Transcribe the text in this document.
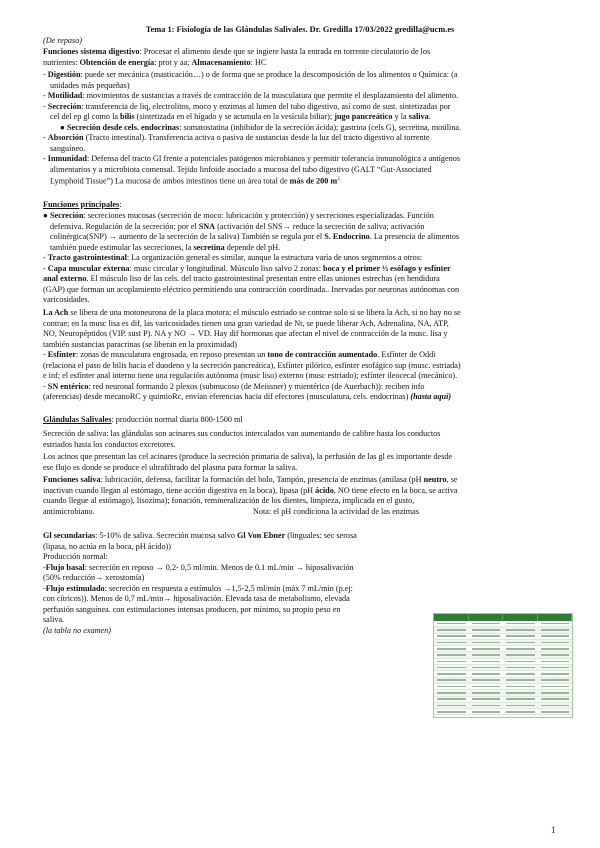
Tema 1: Fisiología de las Glándulas Salivales. Dr. Gredilla 17/03/2022 gredilla@ucm.es
(De repaso)
Funciones sistema digestivo: Procesar el alimento desde que se ingiere hasta la entrada en torrente circulatorio de los
nutrientes: Obtención de energía: prot y aa; Almacenamiento: HC
- Digestión: puede ser mecánica (masticación…) o de forma que se produce la descomposición de los alimentos o Química: (a
unidades más pequeñas)
- Motilidad: movimientos de sustancias a través de contracción de la musculatura que permite el desplazamiento del alimento.
- Secreción: transferencia de liq, electrolitos, moco y enzimas al lumen del tubo digestivo, así como de sust. sintetizadas por
cel del ep gl como la bilis (sintetizada en el hígado y se acumula en la vesícula biliar); jugo pancreático y la saliva.
● Secreción desde cels. endocrinas: somatostatina (inhibidor de la secreción ácida); gastrina (cels G), secretina, motilina.
- Absorción (Tracto intestinal). Transferencia activa o pasiva de sustancias desde la luz del tracto digestivo al torrente
sanguíneo.
- Inmunidad: Defensa del tracto GI frente a potenciales patógenos microbianos y permitir tolerancia inmunológica a antígenos
alimentarios y a microbiota comensal. Tejido linfoide asociado a mucosa del tubo digestivo (GALT “Gut-Associated
Lymphoid Tissue”) La mucosa de ambos intestinos tiene un área total de más de 200 $m^{2.}$
Funciones principales:
● Secreción: secreciones mucosas (secreción de moco: lubricación y protección) y secreciones especializadas. Función
defensiva. Regulación de la secreción: por el SNA (activación del SNS→ reduce la secreción de saliva; activación
colinérgica(SNP) → aumento de la secreción de la saliva) También se regula por el S. Endocrino. La presencia de alimentos
también puede estimular las secreciones, la secretina depende del pH.
- Tracto gastrointestinal: La organización general es similar, aunque la estructura varía de unos segmentos a otros:
- Capa muscular externa: musc circular y longitudinal. Músculo liso salvo 2 zonas: boca y el primer ⅓ esófago y esfínter
anal externo. El músculo liso de las cels. del tracto gastrointestinal presentan entre ellas uniones estrechas (en hendidura
(GAP) que forman un acoplamiento eléctrico permitiendo una contracción coordinada.. Inervadas por neuronas autónomas con
varicosidades.
La Ach se libera de una motoneurona de la placa motora; el músculo estriado se contrae solo si se libera la Ach, si no hay no se
contrae; en la musc lisa es dif, las varicosidades tienen una gran variedad de Nt, se puede liberar Ach, Adrenalina, NA, ATP,
NO, Neuropéptidos (VIP. sust P). NA y NO → VD. Hay dif hormonas que afectan el nivel de contracción de la musc. lisa y
también sustancias paracrinas (se liberan en la proximidad)
- Esfínter: zonas de musculatura engrosada, en reposo presentan un tono de contracción aumentado. Esfínter de Oddi
(relaciona el paso de bilis hacia el duodeno y la secreción pancreática), Esfínter pilórico, esfínter esofágico sup (musc. estriada)
e inf; el esfínter anal interno tiene una regulación autónoma (musc liso) externo (musc estriado); esfínter ileocecal (mecánico).
- SN entérico: red neuronal formando 2 plexos (submucoso (de Meissner) y mientérico (de Auerbach)): reciben info
(aferencias) desde mecanoRC y quimioRc, envían eferencias hacia dif efectores (musculatura, cels. endocrinas) (hasta aquí)
Glándulas Salivales: producción normal diaria 800-1500 ml
Secreción de saliva: las glándulas son acinares sus conductos intercalados van aumentando de calibre hasta los conductos
estriados hasta los conductos excretores.
Los acinos que presentan las cel acinares (produce la secreción primaria de saliva), la perfusión de las gl es importante desde
ese flujo es donde se produce el ultrafiltrado del plasma para formar la saliva.
Funciones saliva: lubricación, defensa, facilitar la formación del bolo, Tampón, presencia de enzimas (amilasa (pH neutro, se
inactivan cuando llegan al estómago, tiene acción digestiva en la boca), lipasa (pH ácido, NO tiene efecto en la boca, se activa
cuando llegue al estómago), lisozima); fonación, remineralización de los dientes, limpieza, implicada en el gusto,
antimicrobiano.	Nota: el pH condiciona la actividad de las enzimas
Gl secundarias: 5-10% de saliva. Secreción mucosa salvo Gl Von Ebner (linguales: sec serosa
(lipasa, no actúa en la boca, pH ácido))
Producción normal:
-Flujo basal: secreción en reposo → 0,2- 0,5 ml/min. Menos de 0.1 mL/min → hiposalivación
(50% reducción→ xerostomía)
-Flujo estimulado: secreción en respuesta a estímulos →1,5-2,5 ml/min (máx 7 mL/min (p.ej:
con cítricos)). Menos de 0,7 mL/min→ hiposalivación. Elevada tasa de metabolismo, elevada
perfusión sanguínea. con estimulaciones intensas producen, por mínimo, su propio peso en
saliva.
(la tabla no examen)
1
